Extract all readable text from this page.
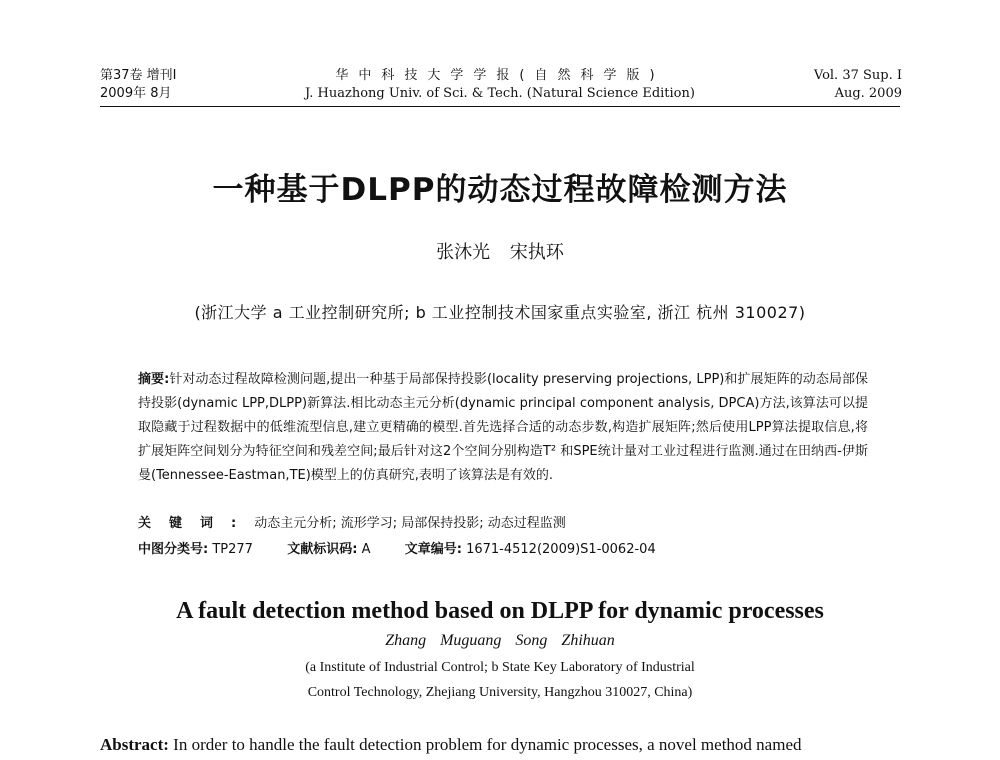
第37卷 增刊Ⅰ
2009年 8月
华中科技大学学报(自然科学版)
J. Huazhong Univ. of Sci. & Tech. (Natural Science Edition)
Vol. 37 Sup. Ⅰ
Aug. 2009
一种基于DLPP的动态过程故障检测方法
张沐光 宋执环
(浙江大学 a 工业控制研究所; b 工业控制技术国家重点实验室, 浙江 杭州 310027)
摘要:针对动态过程故障检测问题,提出一种基于局部保持投影(locality preserving projections, LPP)和扩展矩阵的动态局部保持投影(dynamic LPP,DLPP)新算法.相比动态主元分析(dynamic principal component analysis, DPCA)方法,该算法可以提取隐藏于过程数据中的低维流型信息,建立更精确的模型.首先选择合适的动态步数,构造扩展矩阵;然后使用LPP算法提取信息,将扩展矩阵空间划分为特征空间和残差空间;最后针对这2个空间分别构造T² 和SPE统计量对工业过程进行监测.通过在田纳西-伊斯曼(Tennessee-Eastman,TE)模型上的仿真研究,表明了该算法是有效的.
关键词:动态主元分析; 流形学习; 局部保持投影; 动态过程监测
中图分类号: TP277	文献标识码: A	文章编号: 1671-4512(2009)S1-0062-04
A fault detection method based on DLPP for dynamic processes
Zhang Muguang Song Zhihuan
(a Institute of Industrial Control; b State Key Laboratory of Industrial
Control Technology, Zhejiang University, Hangzhou 310027, China)
Abstract: In order to handle the fault detection problem for dynamic processes, a novel method named
